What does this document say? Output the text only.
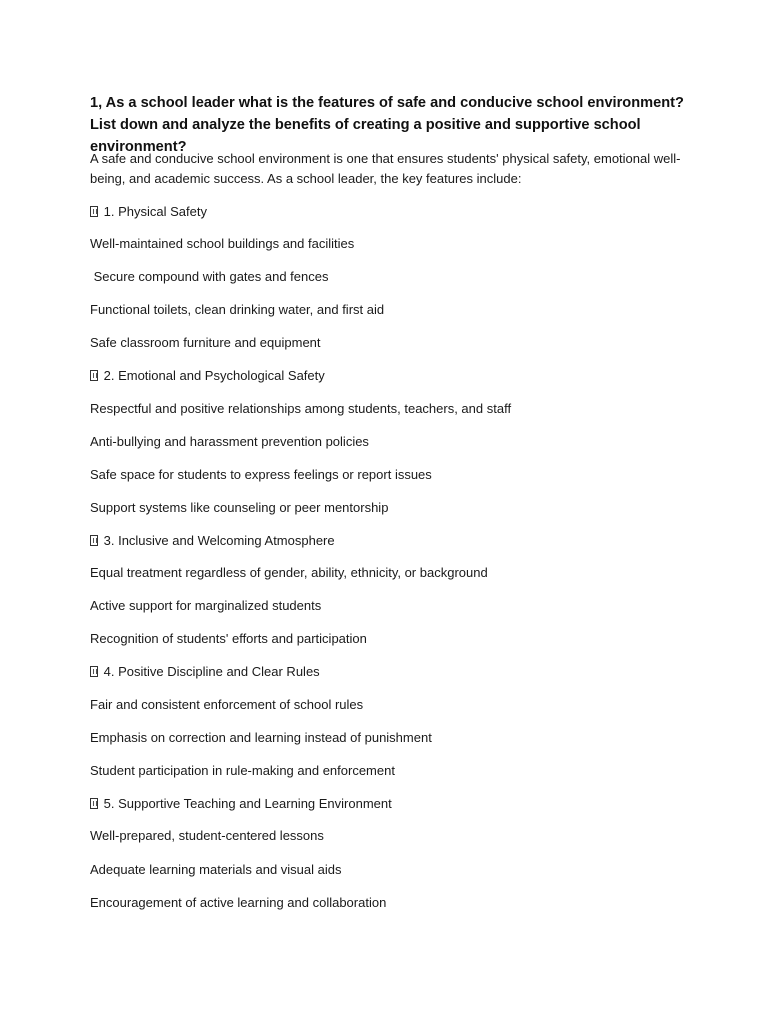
1, As a school leader what is the features of safe and conducive school environment? List down and analyze the benefits of creating a positive and supportive school environment?

A safe and conducive school environment is one that ensures students' physical safety, emotional well-being, and academic success. As a school leader, the key features include:

1. Physical Safety

Well-maintained school buildings and facilities

Secure compound with gates and fences

Functional toilets, clean drinking water, and first aid

Safe classroom furniture and equipment

2. Emotional and Psychological Safety

Respectful and positive relationships among students, teachers, and staff

Anti-bullying and harassment prevention policies

Safe space for students to express feelings or report issues

Support systems like counseling or peer mentorship

3. Inclusive and Welcoming Atmosphere

Equal treatment regardless of gender, ability, ethnicity, or background

Active support for marginalized students

Recognition of students' efforts and participation

4. Positive Discipline and Clear Rules

Fair and consistent enforcement of school rules

Emphasis on correction and learning instead of punishment

Student participation in rule-making and enforcement

5. Supportive Teaching and Learning Environment

Well-prepared, student-centered lessons

Adequate learning materials and visual aids

Encouragement of active learning and collaboration
